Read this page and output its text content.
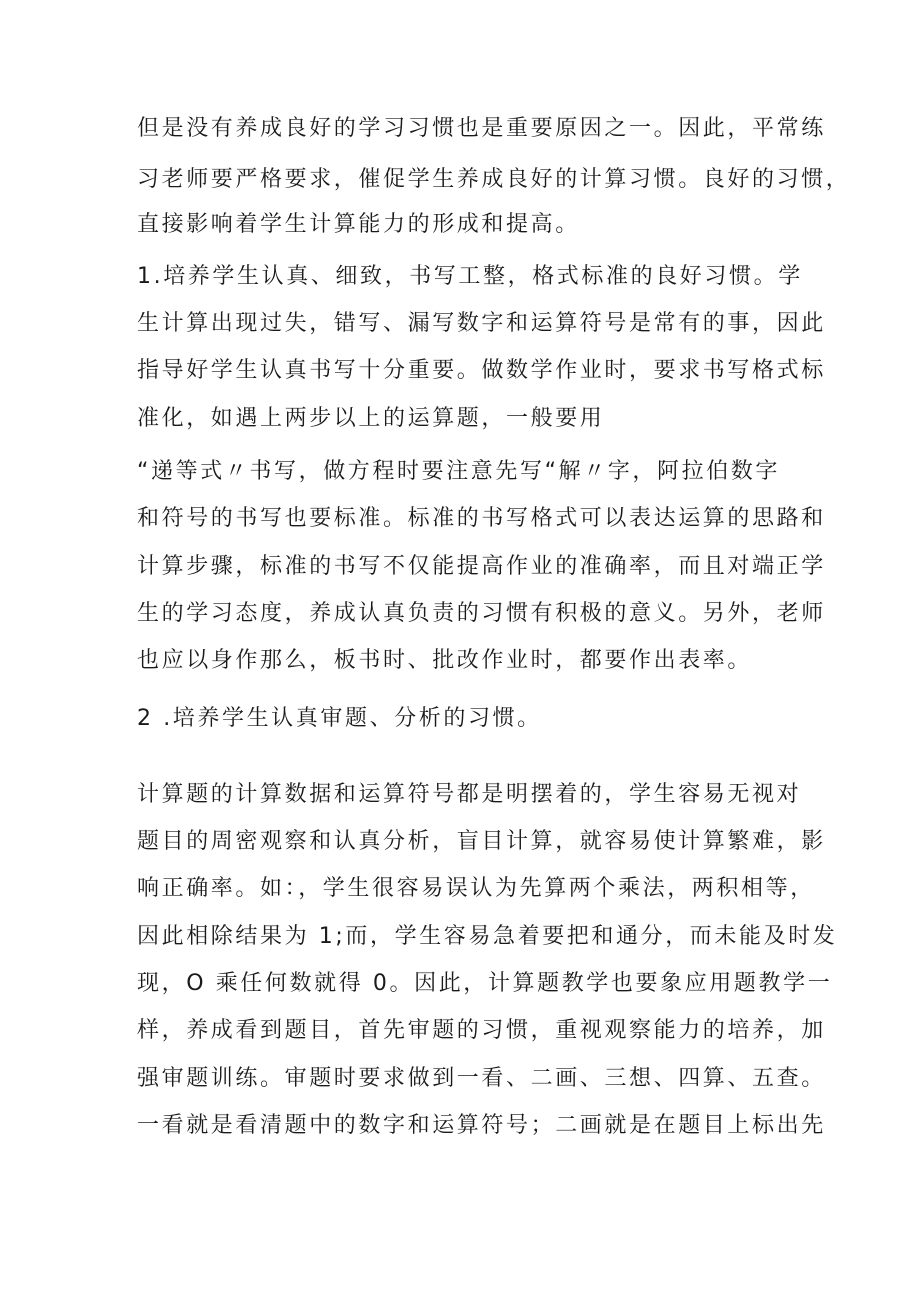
但是没有养成良好的学习习惯也是重要原因之一。因此，平常练
习老师要严格要求，催促学生养成良好的计算习惯。良好的习惯，
直接影响着学生计算能力的形成和提高。
1.培养学生认真、细致，书写工整，格式标准的良好习惯。学
生计算出现过失，错写、漏写数字和运算符号是常有的事，因此
指导好学生认真书写十分重要。做数学作业时，要求书写格式标
准化，如遇上两步以上的运算题，一般要用
“递等式〃书写，做方程时要注意先写“解〃字，阿拉伯数字
和符号的书写也要标准。标准的书写格式可以表达运算的思路和
计算步骤，标准的书写不仅能提高作业的准确率，而且对端正学
生的学习态度，养成认真负责的习惯有积极的意义。另外，老师
也应以身作那么，板书时、批改作业时，都要作出表率。
2 .培养学生认真审题、分析的习惯。
计算题的计算数据和运算符号都是明摆着的，学生容易无视对
题目的周密观察和认真分析，盲目计算，就容易使计算繁难，影
响正确率。如：，学生很容易误认为先算两个乘法，两积相等，
因此相除结果为 1;而，学生容易急着要把和通分，而未能及时发
现，O 乘任何数就得 0。因此，计算题教学也要象应用题教学一
样，养成看到题目，首先审题的习惯，重视观察能力的培养，加
强审题训练。审题时要求做到一看、二画、三想、四算、五查。
一看就是看清题中的数字和运算符号；二画就是在题目上标出先
